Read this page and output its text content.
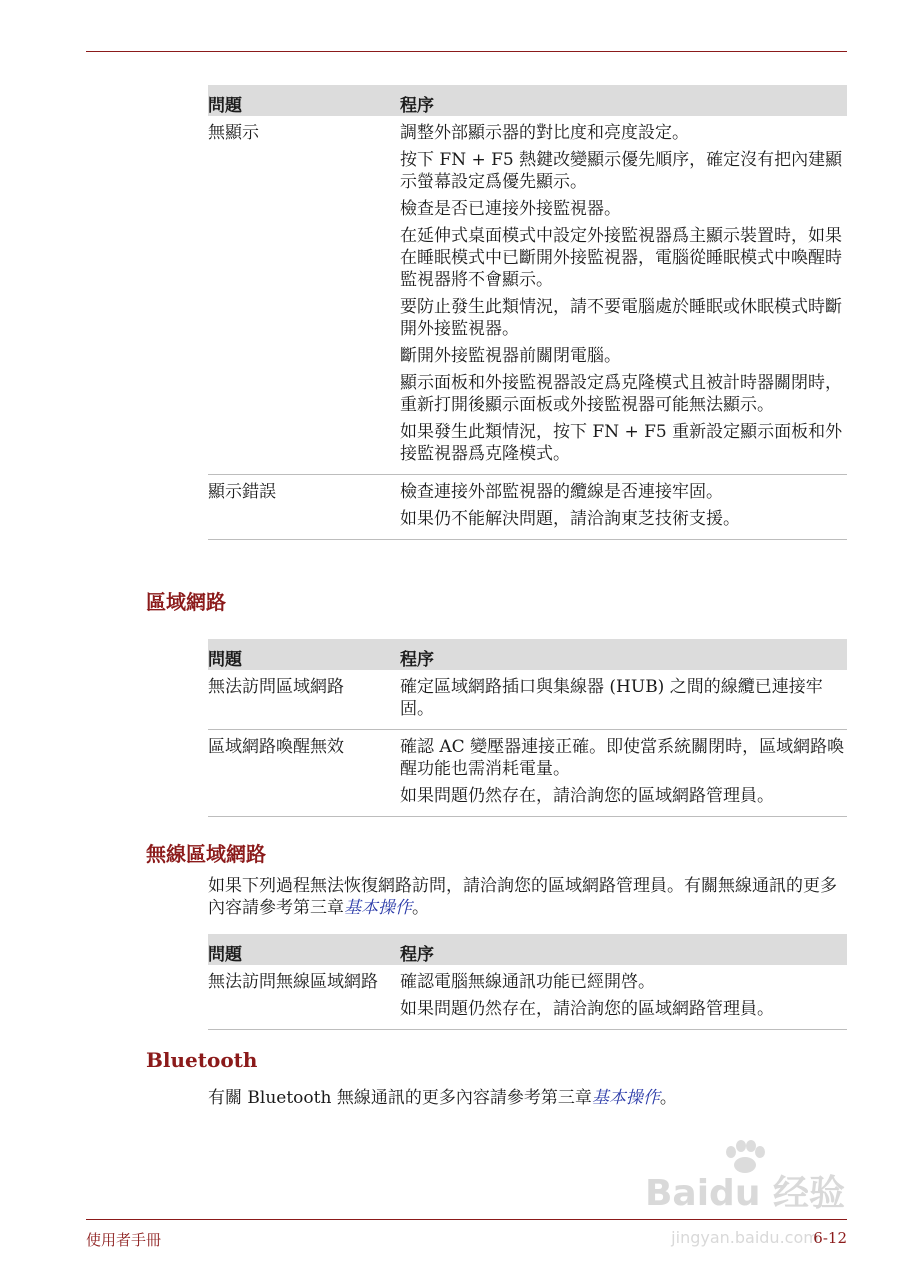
問題	程序
無顯示	調整外部顯示器的對比度和亮度設定。
按下 FN + F5 熱鍵改變顯示優先順序，確定沒有把內建顯示螢幕設定爲優先顯示。
檢查是否已連接外接監視器。
在延伸式桌面模式中設定外接監視器爲主顯示裝置時，如果在睡眠模式中已斷開外接監視器，電腦從睡眠模式中喚醒時監視器將不會顯示。
要防止發生此類情況，請不要電腦處於睡眠或休眠模式時斷開外接監視器。
斷開外接監視器前關閉電腦。
顯示面板和外接監視器設定爲克隆模式且被計時器關閉時，重新打開後顯示面板或外接監視器可能無法顯示。
如果發生此類情況，按下 FN + F5 重新設定顯示面板和外接監視器爲克隆模式。
顯示錯誤	檢查連接外部監視器的纜線是否連接牢固。
如果仍不能解決問題，請洽詢東芝技術支援。
區域網路
問題	程序
無法訪問區域網路	確定區域網路插口與集線器 (HUB) 之間的線纜已連接牢固。
區域網路喚醒無效	確認 AC 變壓器連接正確。即使當系統關閉時，區域網路喚醒功能也需消耗電量。
如果問題仍然存在，請洽詢您的區域網路管理員。
無線區域網路
如果下列過程無法恢復網路訪問，請洽詢您的區域網路管理員。有關無線通訊的更多內容請參考第三章基本操作。
問題	程序
無法訪問無線區域網路	確認電腦無線通訊功能已經開啓。
如果問題仍然存在，請洽詢您的區域網路管理員。
Bluetooth
有關 Bluetooth 無線通訊的更多內容請參考第三章基本操作。
Baidu 经验
jingyan.baidu.com
使用者手冊	6-12
